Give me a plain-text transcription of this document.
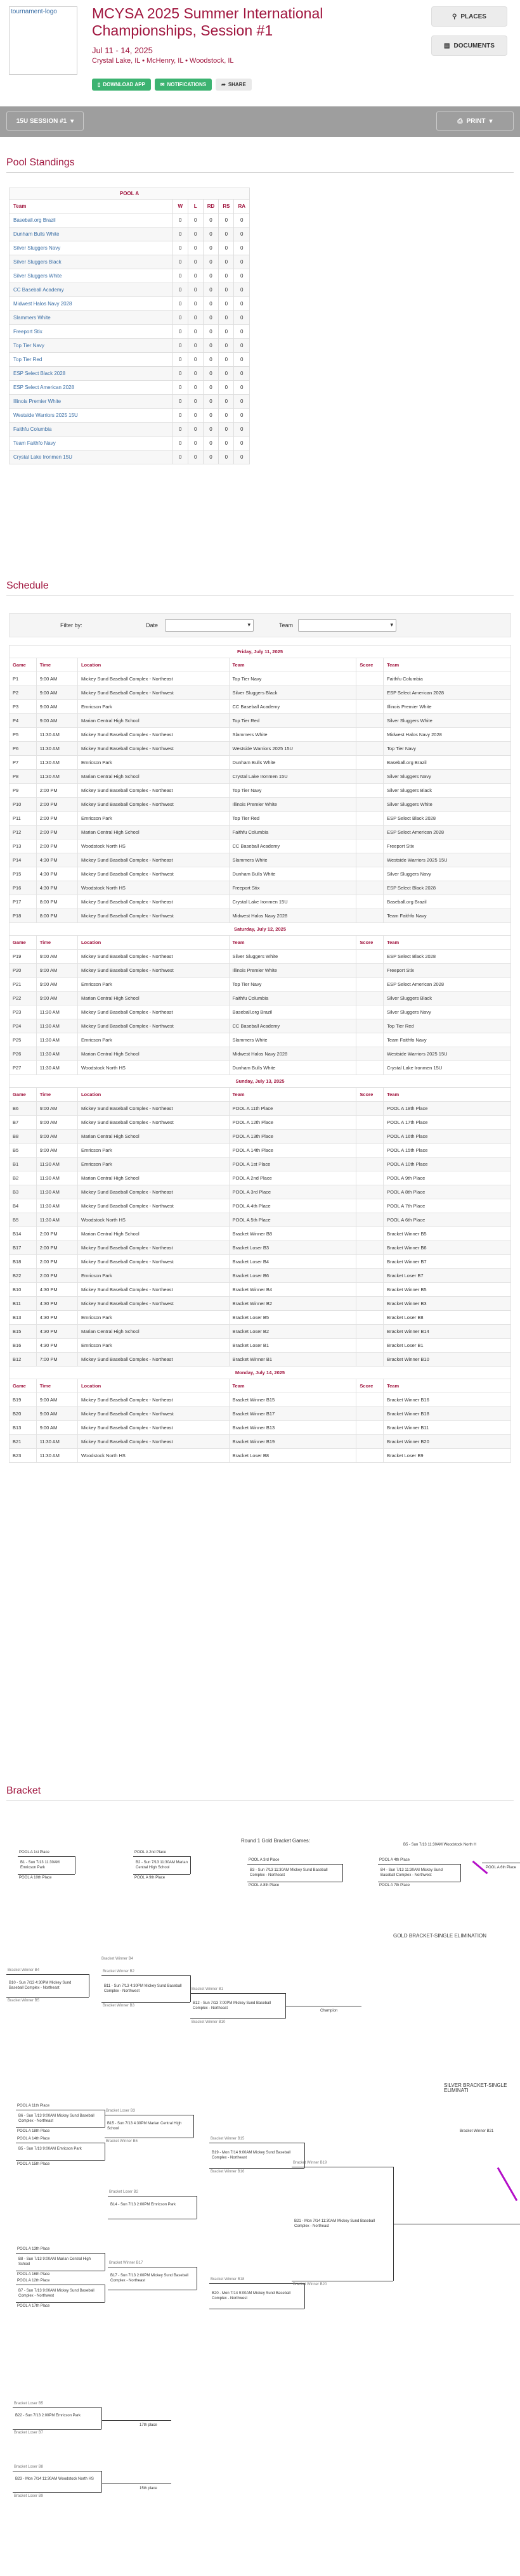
tournament-logo	MCYSA 2025 Summer International Championships, Session #1
Jul 11 - 14, 2025
Crystal Lake, IL • McHenry, IL • Woodstock, IL
▯ DOWNLOAD APP	✉ NOTIFICATIONS	➦ SHARE
⚲ PLACES
▤ DOCUMENTS
15U SESSION #1 ▾	⎙ PRINT ▾
Pool Standings
POOL A					
Team	W	L	RD	RS	RA
Baseball.org Brazil	0	0	0	0	0
Dunham Bulls White	0	0	0	0	0
Silver Sluggers Navy	0	0	0	0	0
Silver Sluggers Black	0	0	0	0	0
Silver Sluggers White	0	0	0	0	0
CC Baseball Academy	0	0	0	0	0
Midwest Halos Navy 2028	0	0	0	0	0
Slammers White	0	0	0	0	0
Freeport Stix	0	0	0	0	0
Top Tier Navy	0	0	0	0	0
Top Tier Red	0	0	0	0	0
ESP Select Black 2028	0	0	0	0	0
ESP Select American 2028	0	0	0	0	0
Illinois Premier White	0	0	0	0	0
Westside Warriors 2025 15U	0	0	0	0	0
Faithfu Columbia	0	0	0	0	0
Team Faithfo Navy	0	0	0	0	0
Crystal Lake Ironmen 15U	0	0	0	0	0
Schedule
Filter by:	Date	▾	Team	▾
Friday, July 11, 2025					
Game	Time	Location	Team	Score	Team
P1	9:00 AM	Mickey Sund Baseball Complex - Northeast	Top Tier Navy		Faithfu Columbia
P2	9:00 AM	Mickey Sund Baseball Complex - Northwest	Silver Sluggers Black		ESP Select American 2028
P3	9:00 AM	Emricson Park	CC Baseball Academy		Illinois Premier White
P4	9:00 AM	Marian Central High School	Top Tier Red		Silver Sluggers White
P5	11:30 AM	Mickey Sund Baseball Complex - Northeast	Slammers White		Midwest Halos Navy 2028
P6	11:30 AM	Mickey Sund Baseball Complex - Northwest	Westside Warriors 2025 15U		Top Tier Navy
P7	11:30 AM	Emricson Park	Dunham Bulls White		Baseball.org Brazil
P8	11:30 AM	Marian Central High School	Crystal Lake Ironmen 15U		Silver Sluggers Navy
P9	2:00 PM	Mickey Sund Baseball Complex - Northeast	Top Tier Navy		Silver Sluggers Black
P10	2:00 PM	Mickey Sund Baseball Complex - Northwest	Illinois Premier White		Silver Sluggers White
P11	2:00 PM	Emricson Park	Top Tier Red		ESP Select Black 2028
P12	2:00 PM	Marian Central High School	Faithfu Columbia		ESP Select American 2028
P13	2:00 PM	Woodstock North HS	CC Baseball Academy		Freeport Stix
P14	4:30 PM	Mickey Sund Baseball Complex - Northeast	Slammers White		Westside Warriors 2025 15U
P15	4:30 PM	Mickey Sund Baseball Complex - Northwest	Dunham Bulls White		Silver Sluggers Navy
P16	4:30 PM	Woodstock North HS	Freeport Stix		ESP Select Black 2028
P17	8:00 PM	Mickey Sund Baseball Complex - Northeast	Crystal Lake Ironmen 15U		Baseball.org Brazil
P18	8:00 PM	Mickey Sund Baseball Complex - Northwest	Midwest Halos Navy 2028		Team Faithfo Navy
Saturday, July 12, 2025					
Game	Time	Location	Team	Score	Team
P19	9:00 AM	Mickey Sund Baseball Complex - Northeast	Silver Sluggers White		ESP Select Black 2028
P20	9:00 AM	Mickey Sund Baseball Complex - Northwest	Illinois Premier White		Freeport Stix
P21	9:00 AM	Emricson Park	Top Tier Navy		ESP Select American 2028
P22	9:00 AM	Marian Central High School	Faithfu Columbia		Silver Sluggers Black
P23	11:30 AM	Mickey Sund Baseball Complex - Northeast	Baseball.org Brazil		Silver Sluggers Navy
P24	11:30 AM	Mickey Sund Baseball Complex - Northwest	CC Baseball Academy		Top Tier Red
P25	11:30 AM	Emricson Park	Slammers White		Team Faithfo Navy
P26	11:30 AM	Marian Central High School	Midwest Halos Navy 2028		Westside Warriors 2025 15U
P27	11:30 AM	Woodstock North HS	Dunham Bulls White		Crystal Lake Ironmen 15U
Sunday, July 13, 2025					
Game	Time	Location	Team	Score	Team
B6	9:00 AM	Mickey Sund Baseball Complex - Northeast	POOL A 11th Place		POOL A 18th Place
B7	9:00 AM	Mickey Sund Baseball Complex - Northwest	POOL A 12th Place		POOL A 17th Place
B8	9:00 AM	Marian Central High School	POOL A 13th Place		POOL A 16th Place
B5	9:00 AM	Emricson Park	POOL A 14th Place		POOL A 15th Place
B1	11:30 AM	Emricson Park	POOL A 1st Place		POOL A 10th Place
B2	11:30 AM	Marian Central High School	POOL A 2nd Place		POOL A 9th Place
B3	11:30 AM	Mickey Sund Baseball Complex - Northeast	POOL A 3rd Place		POOL A 8th Place
B4	11:30 AM	Mickey Sund Baseball Complex - Northwest	POOL A 4th Place		POOL A 7th Place
B5	11:30 AM	Woodstock North HS	POOL A 5th Place		POOL A 6th Place
B14	2:00 PM	Marian Central High School	Bracket Winner B8		Bracket Winner B5
B17	2:00 PM	Mickey Sund Baseball Complex - Northeast	Bracket Loser B3		Bracket Winner B6
B18	2:00 PM	Mickey Sund Baseball Complex - Northwest	Bracket Loser B4		Bracket Winner B7
B22	2:00 PM	Emricson Park	Bracket Loser B6		Bracket Loser B7
B10	4:30 PM	Mickey Sund Baseball Complex - Northeast	Bracket Winner B4		Bracket Winner B5
B11	4:30 PM	Mickey Sund Baseball Complex - Northwest	Bracket Winner B2		Bracket Winner B3
B13	4:30 PM	Emricson Park	Bracket Loser B5		Bracket Loser B8
B15	4:30 PM	Marian Central High School	Bracket Loser B2		Bracket Winner B14
B16	4:30 PM	Emricson Park	Bracket Loser B1		Bracket Loser B1
B12	7:00 PM	Mickey Sund Baseball Complex - Northeast	Bracket Winner B1		Bracket Winner B10
Monday, July 14, 2025					
Game	Time	Location	Team	Score	Team
B19	9:00 AM	Mickey Sund Baseball Complex - Northeast	Bracket Winner B15		Bracket Winner B16
B20	9:00 AM	Mickey Sund Baseball Complex - Northwest	Bracket Winner B17		Bracket Winner B18
B13	9:00 AM	Mickey Sund Baseball Complex - Northeast	Bracket Winner B13		Bracket Winner B11
B21	11:30 AM	Mickey Sund Baseball Complex - Northeast	Bracket Winner B19		Bracket Winner B20
B23	11:30 AM	Woodstock North HS	Bracket Loser B8		Bracket Loser B9
Bracket
Round 1 Gold Bracket Games:
POOL A 1st Place
B1 - Sun 7/13 11:30AM Emricson Park
POOL A 10th Place
POOL A 2nd Place
B2 - Sun 7/13 11:30AM Marian Central High School
POOL A 9th Place
POOL A 3rd Place
B3 - Sun 7/13 11:30AM Mickey Sund Baseball Complex - Northeast
POOL A 8th Place
POOL A 4th Place
B4 - Sun 7/13 11:30AM Mickey Sund Baseball Complex - Northwest
POOL A 7th Place
B5 - Sun 7/13 11:30AM Woodstock North H
POOL A 6th Place
GOLD BRACKET-SINGLE ELIMINATION
Bracket Winner B4
B10 - Sun 7/13 4:30PM Mickey Sund Baseball Complex - Northeast
Bracket Winner B5
Bracket Winner B2
B11 - Sun 7/13 4:30PM Mickey Sund Baseball Complex - Northwest
Bracket Winner B3
Bracket Winner B4
Bracket Winner B1
B12 - Sun 7/13 7:00PM Mickey Sund Baseball Complex - Northeast
Bracket Winner B10
Champion
SILVER BRACKET-SINGLE ELIMINATI
POOL A 11th Place
B6 - Sun 7/13 9:00AM Mickey Sund Baseball Complex - Northeast
POOL A 18th Place
POOL A 14th Place
B5 - Sun 7/13 9:00AM Emricson Park
POOL A 15th Place
POOL A 13th Place
B8 - Sun 7/13 9:00AM Marian Central High School
POOL A 16th Place
POOL A 12th Place
B7 - Sun 7/13 9:00AM Mickey Sund Baseball Complex - Northwest
POOL A 17th Place
Bracket Loser B3
B15 - Sun 7/13 4:30PM Marian Central High School
Bracket Winner B6
Bracket Loser B2
B14 - Sun 7/13 2:00PM Emricson Park
Bracket Winner B17
B17 - Sun 7/13 2:00PM Mickey Sund Baseball Complex - Northeast
Bracket Winner B15
B19 - Mon 7/14 9:00AM Mickey Sund Baseball Complex - Northeast
Bracket Winner B16
Bracket Winner B18
B20 - Mon 7/14 9:00AM Mickey Sund Baseball Complex - Northwest
Bracket Winner B19
B21 - Mon 7/14 11:30AM Mickey Sund Baseball Complex - Northeast
Bracket Winner B20
Bracket Winner B21
Bracket Loser B5
B22 - Sun 7/13 2:00PM Emricson Park
Bracket Loser B7
17th place
Bracket Loser B8
B23 - Mon 7/14 11:30AM Woodstock North HS
Bracket Loser B9
15th place
